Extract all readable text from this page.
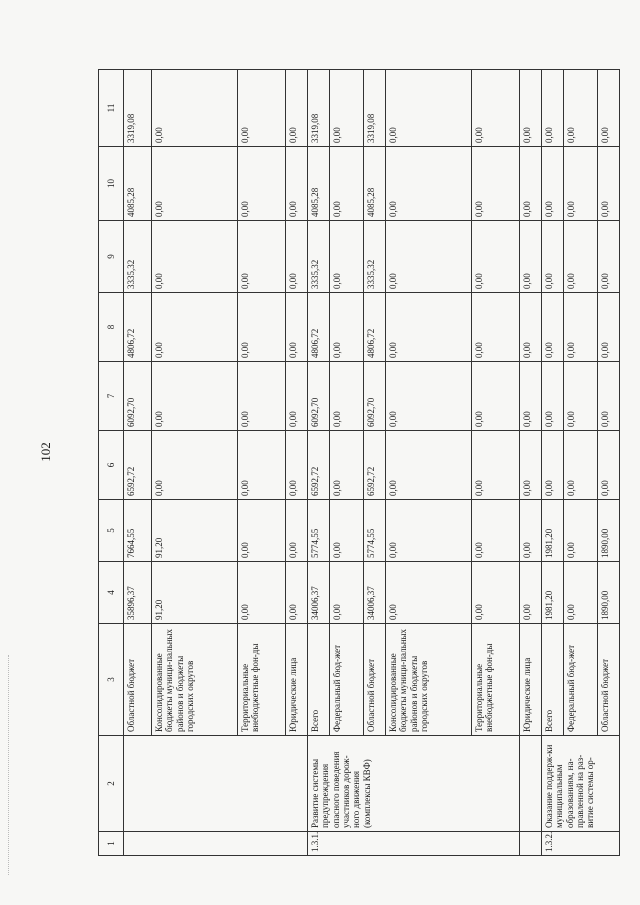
102
1	2	3	4	5	6	7	8	9	10	11
		Областной бюджет	35896,37	7664,55	6592,72	6092,70	4806,72	3335,32	4085,28	3319,08
		Консолидированные бюджеты муници-пальных районов и бюджеты городских округов	91,20	91,20	0,00	0,00	0,00	0,00	0,00	0,00
		Территориальные внебюджетные фон-ды	0,00	0,00	0,00	0,00	0,00	0,00	0,00	0,00
		Юридические лица	0,00	0,00	0,00	0,00	0,00	0,00	0,00	0,00
1.3.1.	Развитие системы предупреждения опасного поведения участников дорож-ного движения (комплексы КВФ)	Всего	34006,37	5774,55	6592,72	6092,70	4806,72	3335,32	4085,28	3319,08
		Федеральный бюд-жет	0,00	0,00	0,00	0,00	0,00	0,00	0,00	0,00
		Областной бюджет	34006,37	5774,55	6592,72	6092,70	4806,72	3335,32	4085,28	3319,08
		Консолидированные бюджеты муници-пальных районов и бюджеты городских округов	0,00	0,00	0,00	0,00	0,00	0,00	0,00	0,00
		Территориальные внебюджетные фон-ды	0,00	0,00	0,00	0,00	0,00	0,00	0,00	0,00
		Юридические лица	0,00	0,00	0,00	0,00	0,00	0,00	0,00	0,00
1.3.2.	Оказание поддерж-ки муниципальным образованиям, на-правленной на раз-витие системы ор-	Всего	1981,20	1981,20	0,00	0,00	0,00	0,00	0,00	0,00
		Федеральный бюд-жет	0,00	0,00	0,00	0,00	0,00	0,00	0,00	0,00
		Областной бюджет	1890,00	1890,00	0,00	0,00	0,00	0,00	0,00	0,00
